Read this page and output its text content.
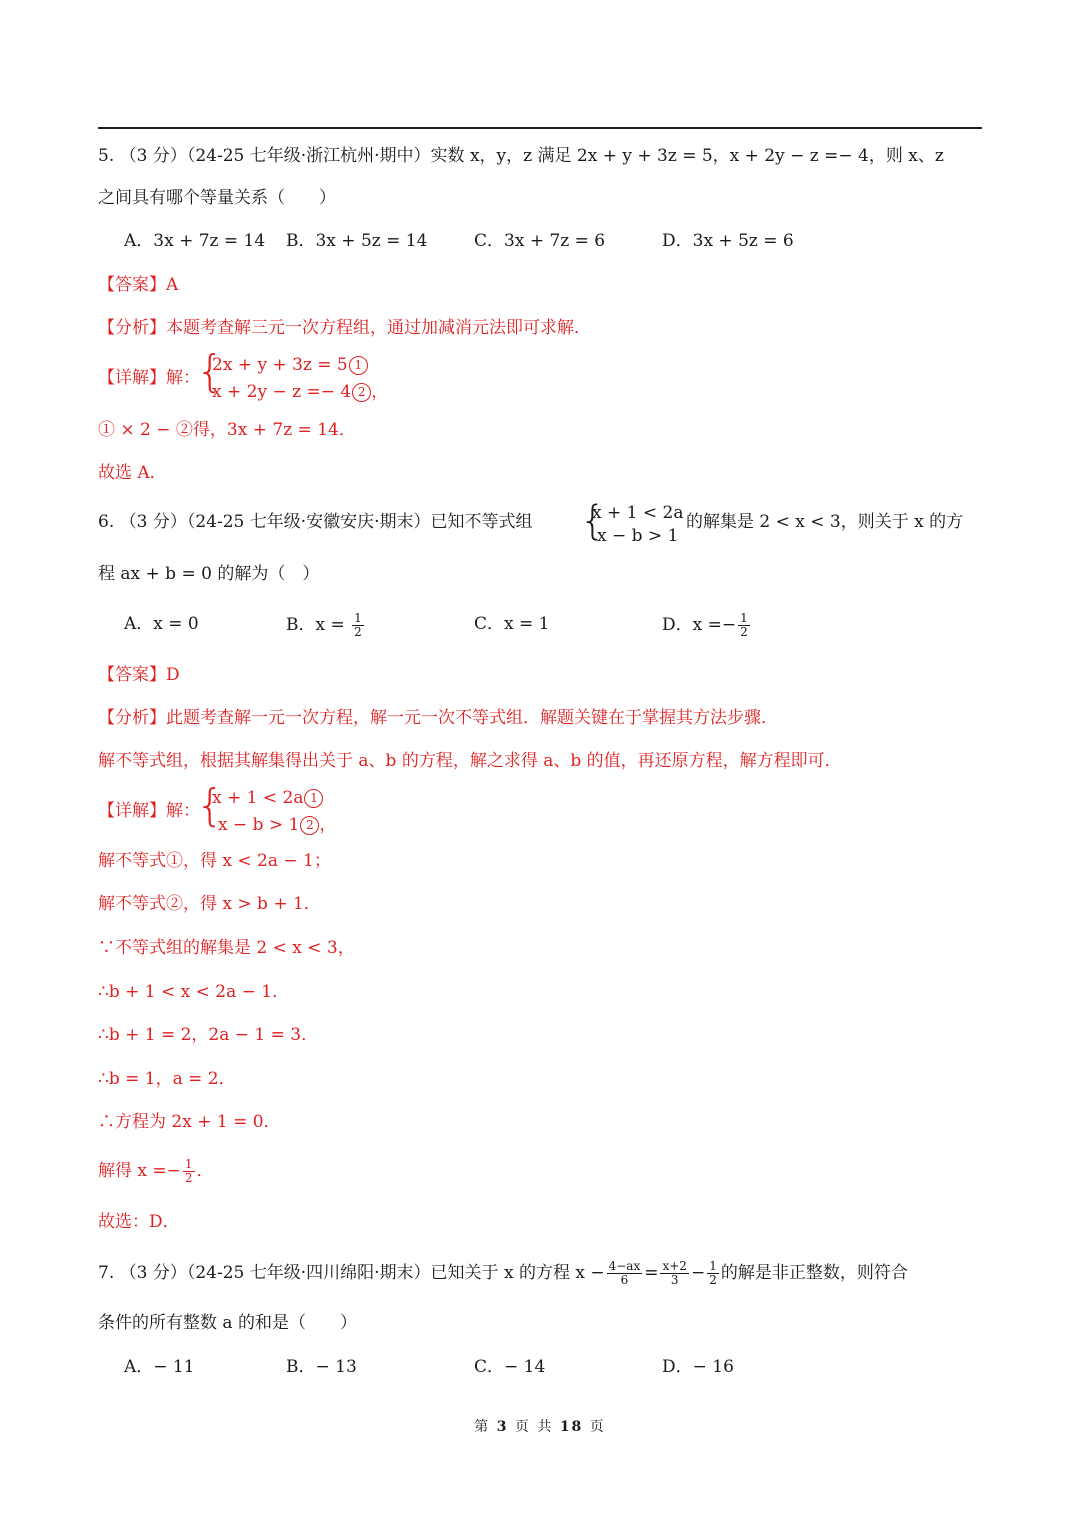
5. （3 分）（24-25 七年级·浙江杭州·期中）实数 x，y，z 满足 2x + y + 3z = 5，x + 2y − z =− 4，则 x、z
之间具有哪个等量关系（　　）
A．3x + 7z = 14 B．3x + 5z = 14	C．3x + 7z = 6	D．3x + 5z = 6
【答案】A
【分析】本题考查解三元一次方程组，通过加减消元法即可求解．
【详解】解：
{
2x + y + 3z = 5 1
x + 2y − z =− 4 2 ，
① × 2 − ②得，3x + 7z = 14．
故选 A．
6. （3 分）（24-25 七年级·安徽安庆·期末）已知不等式组 {
x + 1 < 2a
x − b > 1
的解集是 2 < x < 3，则关于 x 的方
程 ax + b = 0 的解为（　）
A．x = 0	B．$x = \frac{1}{2}$	C．x = 1	D．$x =- \frac{1}{2}$
【答案】D
【分析】此题考查解一元一次方程，解一元一次不等式组．解题关键在于掌握其方法步骤．
解不等式组，根据其解集得出关于 a、b 的方程，解之求得 a、b 的值，再还原方程，解方程即可．
【详解】解：
{
x + 1 < 2a 1
x − b > 1 2 ，
解不等式①，得 x < 2a − 1；
解不等式②，得 x > b + 1．
∵不等式组的解集是 2 < x < 3，
∴b + 1 < x < 2a − 1．
∴b + 1 = 2，2a − 1 = 3．
∴b = 1，a = 2．
∴方程为 2x + 1 = 0．
解得 $x =- \frac{1}{2}$ ．
故选：D．
7. （3 分）（24-25 七年级·四川绵阳·期末）已知关于 x 的方程 $x - \frac{4-ax}{6} = \frac{x+2}{3} - \frac{1}{2}$ 的解是非正整数，则符合
条件的所有整数 a 的和是（　　）
A．− 11	B．− 13	C．− 14	D．− 16
第 3 页 共 18 页
